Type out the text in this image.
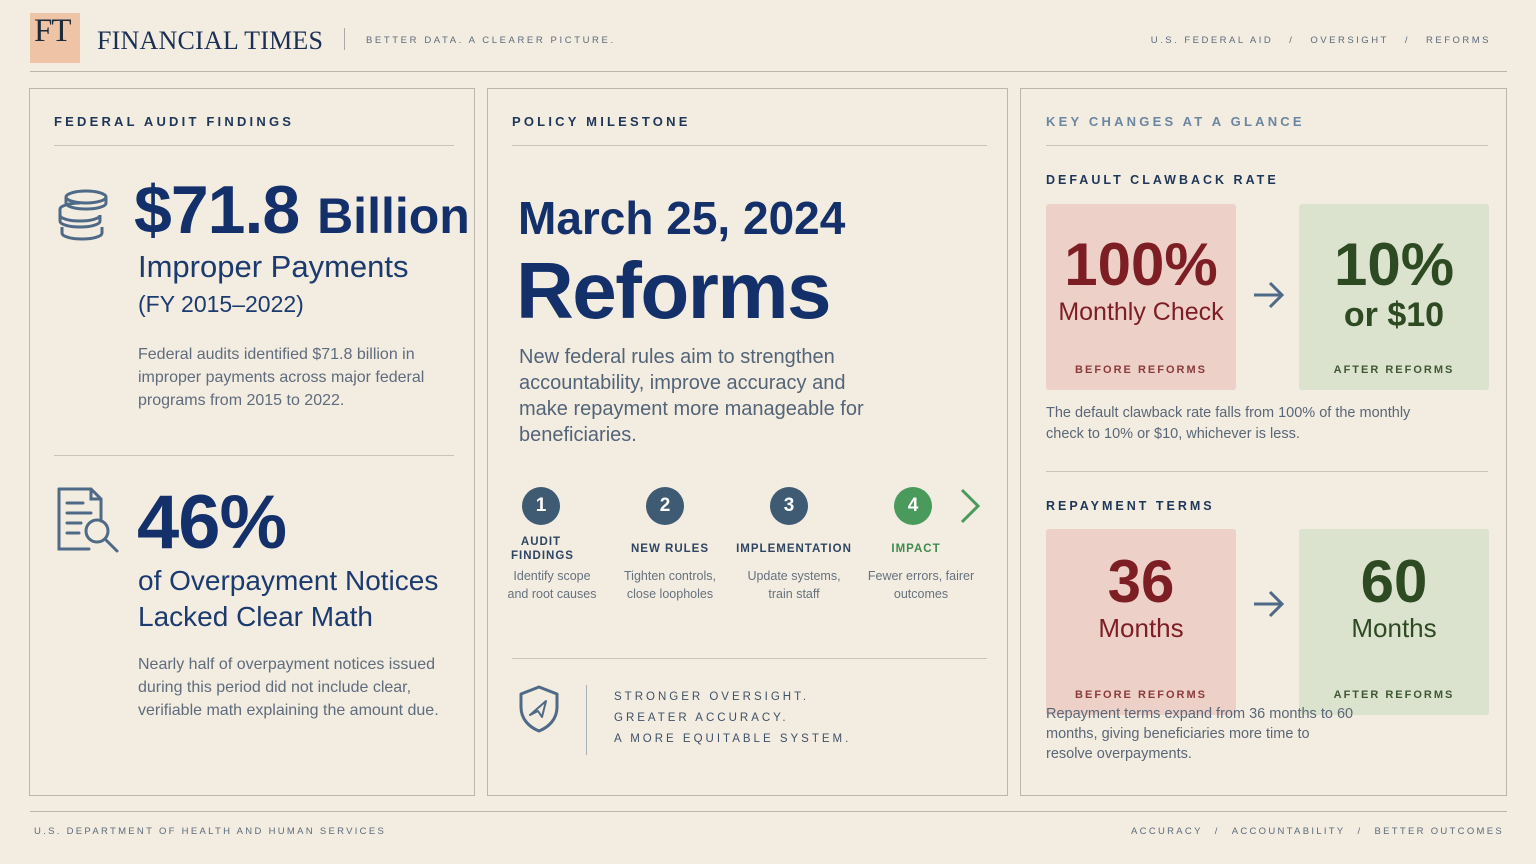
FT	FINANCIAL TIMES	BETTER DATA. A CLEARER PICTURE.	U.S. FEDERAL AID / OVERSIGHT / REFORMS
FEDERAL AUDIT FINDINGS
$71.8 Billion
Improper Payments
(FY 2015–2022)
Federal audits identified $71.8 billion in improper payments across major federal programs from 2015 to 2022.
46%
of Overpayment Notices Lacked Clear Math
Nearly half of overpayment notices issued during this period did not include clear, verifiable math explaining the amount due.
POLICY MILESTONE
March 25, 2024
Reforms
New federal rules aim to strengthen accountability, improve accuracy and make repayment more manageable for beneficiaries.
1
AUDIT FINDINGS
Identify scope and root causes
2
NEW RULES
Tighten controls, close loopholes
3
IMPLEMENTATION
Update systems, train staff
4
IMPACT
Fewer errors, fairer outcomes
STRONGER OVERSIGHT.
GREATER ACCURACY.
A MORE EQUITABLE SYSTEM.
KEY CHANGES AT A GLANCE
DEFAULT CLAWBACK RATE
100%
Monthly Check
BEFORE REFORMS
10%
or $10
AFTER REFORMS
The default clawback rate falls from 100% of the monthly check to 10% or $10, whichever is less.
REPAYMENT TERMS
36
Months
BEFORE REFORMS
60
Months
AFTER REFORMS
Repayment terms expand from 36 months to 60 months, giving beneficiaries more time to resolve overpayments.
U.S. DEPARTMENT OF HEALTH AND HUMAN SERVICES	ACCURACY / ACCOUNTABILITY / BETTER OUTCOMES
